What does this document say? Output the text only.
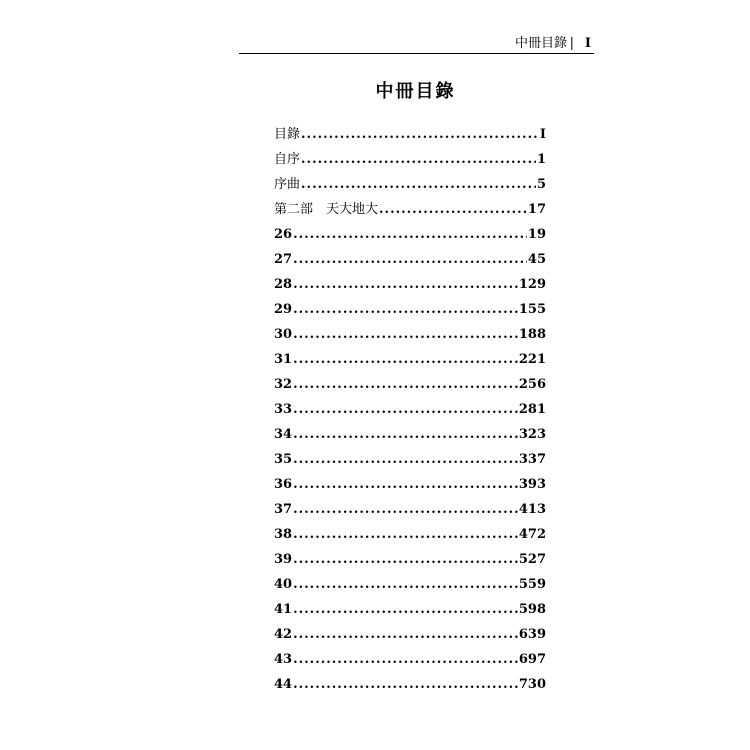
中冊目錄 | I
中冊目錄
目錄 .....	I
自序 .....	1
序曲 .....	5
第二部　天大地大 .....	17
26 .....	19
27 .....	45
28 .....	129
29 .....	155
30 .....	188
31 .....	221
32 .....	256
33 .....	281
34 .....	323
35 .....	337
36 .....	393
37 .....	413
38 .....	472
39 .....	527
40 .....	559
41 .....	598
42 .....	639
43 .....	697
44 .....	730
